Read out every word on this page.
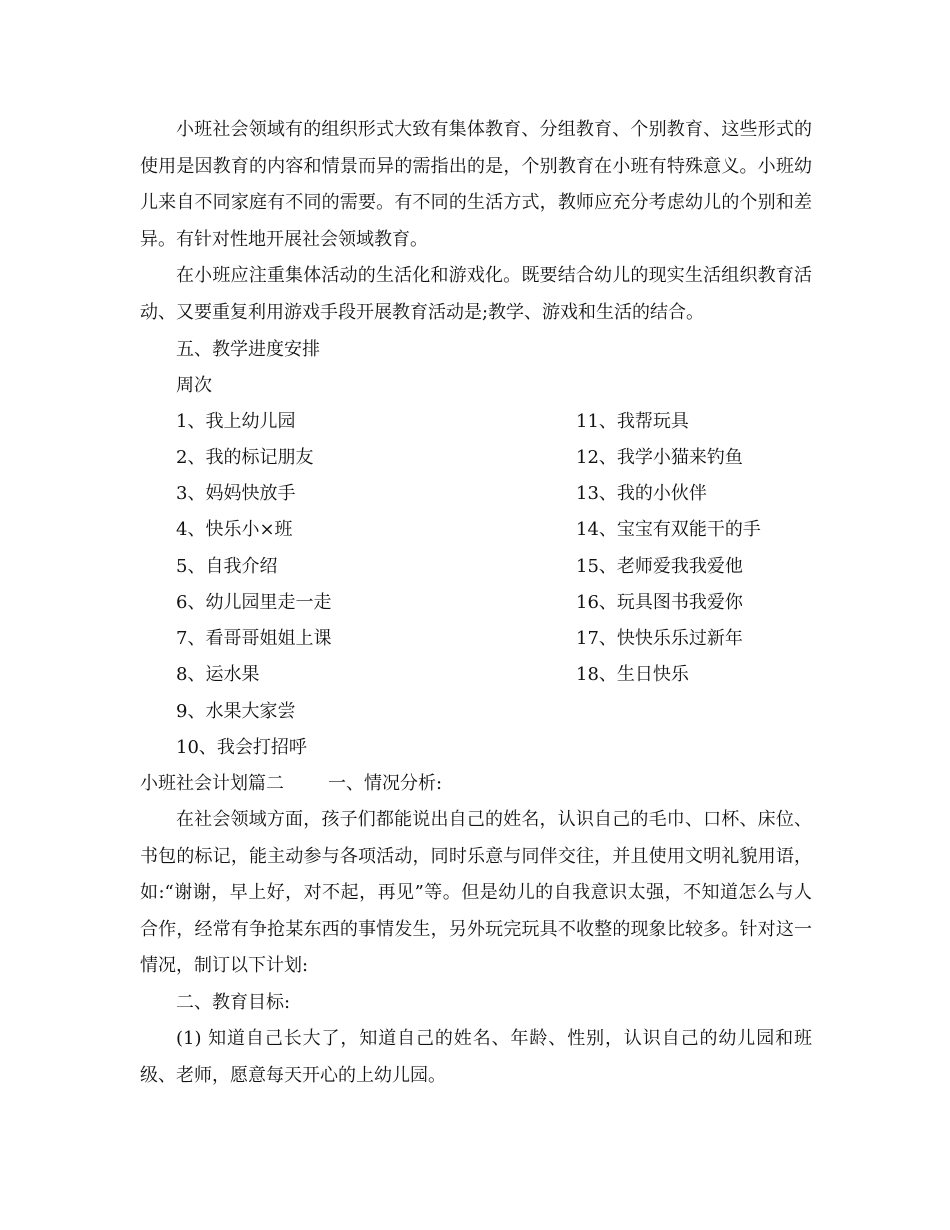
小班社会领域有的组织形式大致有集体教育、分组教育、个别教育、这些形式的使用是因教育的内容和情景而异的需指出的是，个别教育在小班有特殊意义。小班幼儿来自不同家庭有不同的需要。有不同的生活方式，教师应充分考虑幼儿的个别和差异。有针对性地开展社会领域教育。

在小班应注重集体活动的生活化和游戏化。既要结合幼儿的现实生活组织教育活动、又要重复利用游戏手段开展教育活动是;教学、游戏和生活的结合。

五、教学进度安排
周次
1、我上幼儿园
2、我的标记朋友
3、妈妈快放手
4、快乐小×班
5、自我介绍
6、幼儿园里走一走
7、看哥哥姐姐上课
8、运水果
9、水果大家尝
10、我会打招呼
11、我帮玩具
12、我学小猫来钓鱼
13、我的小伙伴
14、宝宝有双能干的手
15、老师爱我我爱他
16、玩具图书我爱你
17、快快乐乐过新年
18、生日快乐
小班社会计划篇二 一、情况分析:

在社会领域方面，孩子们都能说出自己的姓名，认识自己的毛巾、口杯、床位、书包的标记，能主动参与各项活动，同时乐意与同伴交往，并且使用文明礼貌用语，如:“谢谢，早上好，对不起，再见”等。但是幼儿的自我意识太强，不知道怎么与人合作，经常有争抢某东西的事情发生，另外玩完玩具不收整的现象比较多。针对这一情况，制订以下计划:

二、教育目标:

(1) 知道自己长大了，知道自己的姓名、年龄、性别，认识自己的幼儿园和班级、老师，愿意每天开心的上幼儿园。
